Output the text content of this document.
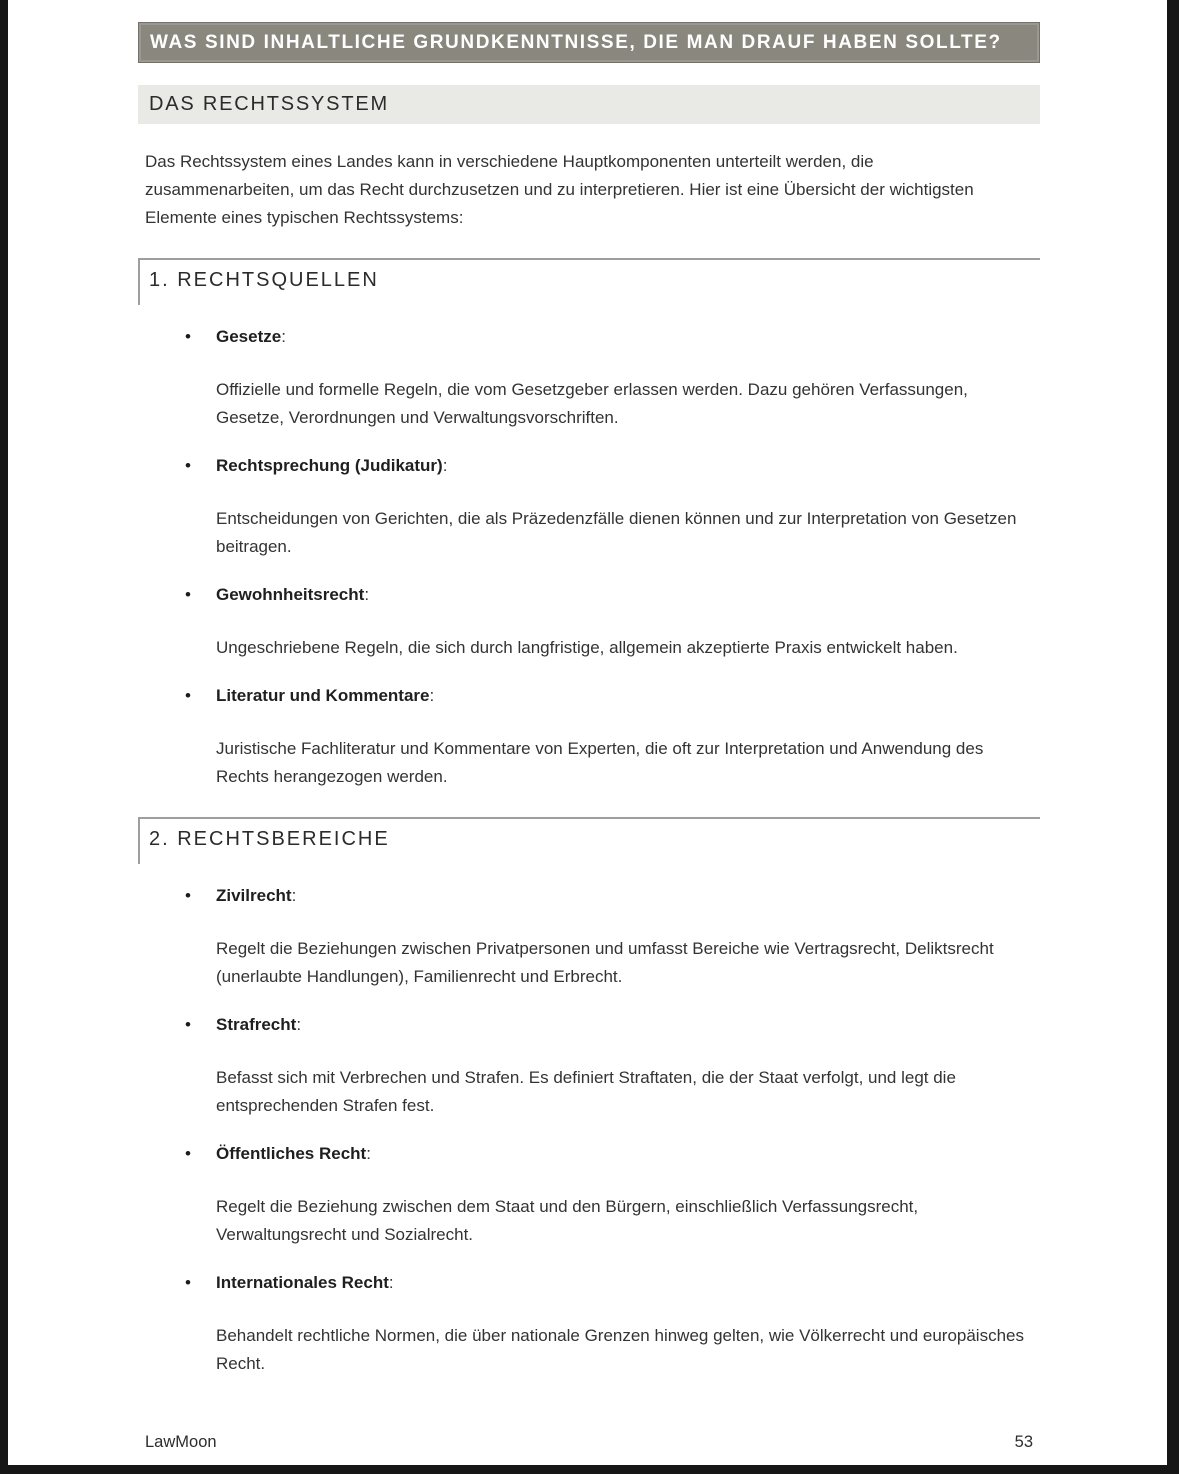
WAS SIND INHALTLICHE GRUNDKENNTNISSE, DIE MAN DRAUF HABEN SOLLTE?
DAS RECHTSSYSTEM

Das Rechtssystem eines Landes kann in verschiedene Hauptkomponenten unterteilt werden, die zusammenarbeiten, um das Recht durchzusetzen und zu interpretieren. Hier ist eine Übersicht der wichtigsten Elemente eines typischen Rechtssystems:

1. RECHTSQUELLEN
• Gesetze:

Offizielle und formelle Regeln, die vom Gesetzgeber erlassen werden. Dazu gehören Verfassungen, Gesetze, Verordnungen und Verwaltungsvorschriften.

• Rechtsprechung (Judikatur):

Entscheidungen von Gerichten, die als Präzedenzfälle dienen können und zur Interpretation von Gesetzen beitragen.

• Gewohnheitsrecht:

Ungeschriebene Regeln, die sich durch langfristige, allgemein akzeptierte Praxis entwickelt haben.

• Literatur und Kommentare:

Juristische Fachliteratur und Kommentare von Experten, die oft zur Interpretation und Anwendung des Rechts herangezogen werden.

2. RECHTSBEREICHE
• Zivilrecht:

Regelt die Beziehungen zwischen Privatpersonen und umfasst Bereiche wie Vertragsrecht, Deliktsrecht (unerlaubte Handlungen), Familienrecht und Erbrecht.

• Strafrecht:

Befasst sich mit Verbrechen und Strafen. Es definiert Straftaten, die der Staat verfolgt, und legt die entsprechenden Strafen fest.

• Öffentliches Recht:

Regelt die Beziehung zwischen dem Staat und den Bürgern, einschließlich Verfassungsrecht, Verwaltungsrecht und Sozialrecht.

• Internationales Recht:

Behandelt rechtliche Normen, die über nationale Grenzen hinweg gelten, wie Völkerrecht und europäisches Recht.

LawMoon	53
